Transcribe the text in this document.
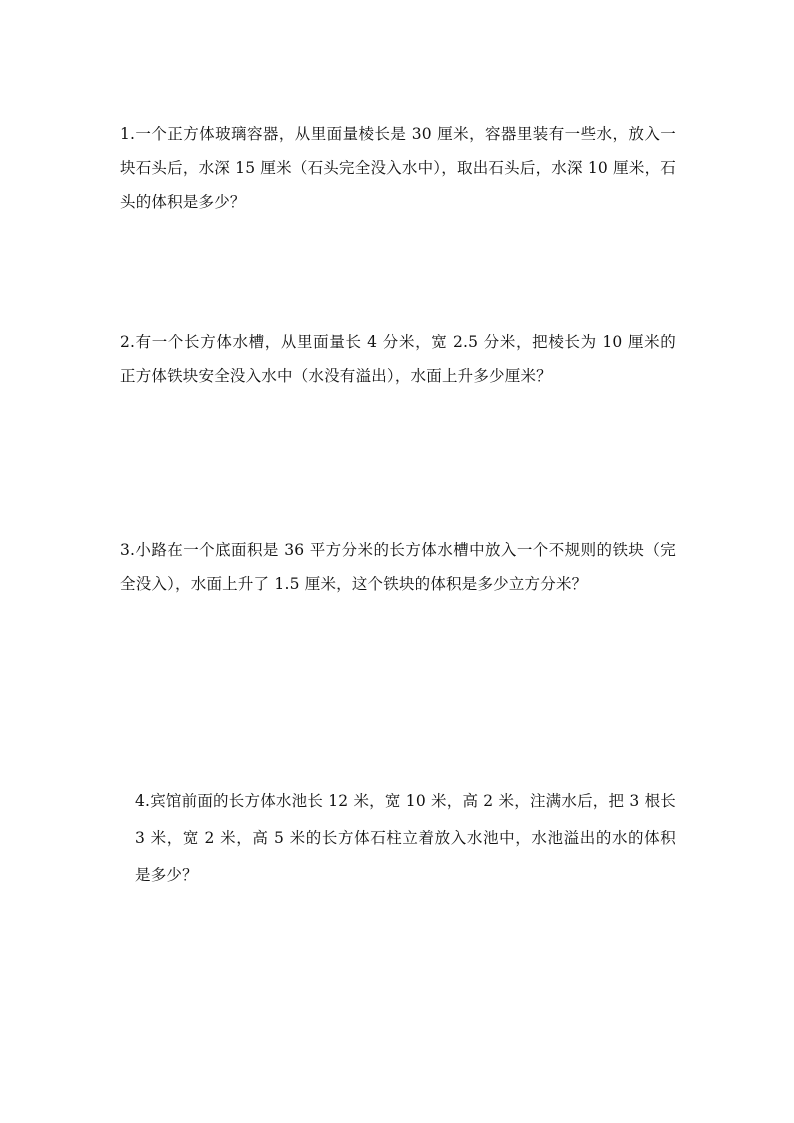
1.一个正方体玻璃容器，从里面量棱长是 30 厘米，容器里装有一些水，放入一块石头后，水深 15 厘米（石头完全没入水中），取出石头后，水深 10 厘米，石头的体积是多少？

2.有一个长方体水槽，从里面量长 4 分米，宽 2.5 分米，把棱长为 10 厘米的正方体铁块安全没入水中（水没有溢出），水面上升多少厘米？

3.小路在一个底面积是 36 平方分米的长方体水槽中放入一个不规则的铁块（完全没入），水面上升了 1.5 厘米，这个铁块的体积是多少立方分米？

4.宾馆前面的长方体水池长 12 米，宽 10 米，高 2 米，注满水后，把 3 根长 3 米，宽 2 米，高 5 米的长方体石柱立着放入水池中，水池溢出的水的体积是多少？
